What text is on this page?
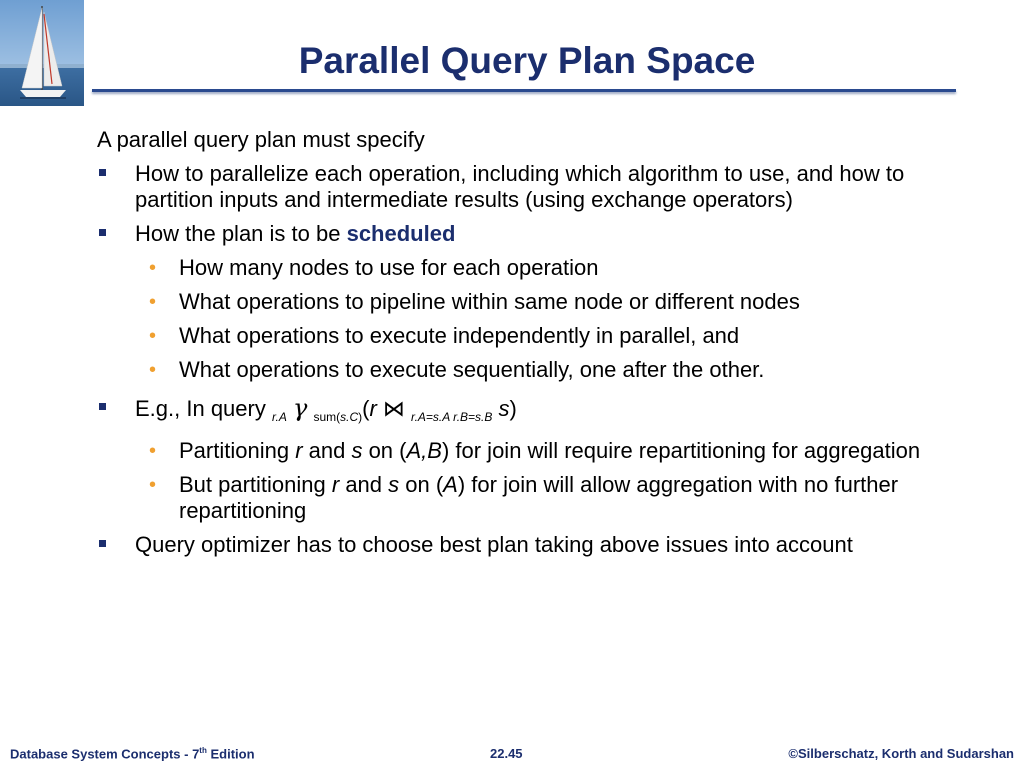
Parallel Query Plan Space

A parallel query plan must specify

How to parallelize each operation, including which algorithm to use, and how to partition inputs and intermediate results (using exchange operators)
How the plan is to be scheduled
• How many nodes to use for each operation
• What operations to pipeline within same node or different nodes
• What operations to execute independently in parallel, and
• What operations to execute sequentially, one after the other.
E.g., In query $_{r.A}$ γ $_{sum(s.C)}$(r ⋈ $_{r.A=s.A r.B=s.B}$ s)
• Partitioning r and s on (A,B) for join will require repartitioning for aggregation
• But partitioning r and s on (A) for join will allow aggregation with no further repartitioning
Query optimizer has to choose best plan taking above issues into account
Database System Concepts - 7th Edition	22.45	©Silberschatz, Korth and Sudarshan
